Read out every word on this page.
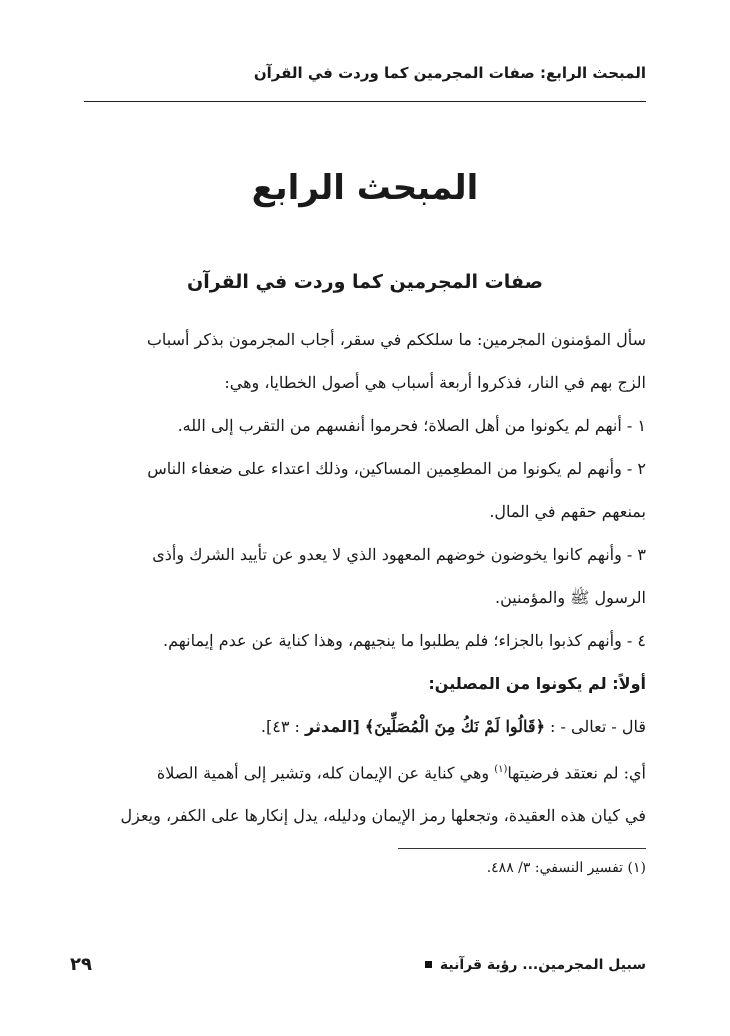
المبحث الرابع: صفات المجرمين كما وردت في القرآن
المبحث الرابع
صفات المجرمين كما وردت في القرآن

سأل المؤمنون المجرمين: ما سلككم في سقر، أجاب المجرمون بذكر أسباب

الزج بهم في النار، فذكروا أربعة أسباب هي أصول الخطايا، وهي:

١ - أنهم لم يكونوا من أهل الصلاة؛ فحرموا أنفسهم من التقرب إلى الله.

٢ - وأنهم لم يكونوا من المطعِمين المساكين، وذلك اعتداء على ضعفاء الناس

بمنعهم حقهم في المال.

٣ - وأنهم كانوا يخوضون خوضهم المعهود الذي لا يعدو عن تأييد الشرك وأذى

الرسول ﷺ والمؤمنين.

٤ - وأنهم كذبوا بالجزاء؛ فلم يطلبوا ما ينجيهم، وهذا كناية عن عدم إيمانهم.

أولاً: لم يكونوا من المصلين:

قال - تعالى - : ﴿قَالُوا لَمْ نَكُ مِنَ الْمُصَلِّينَ﴾ [المدثر : ٤٣].

أي: لم نعتقد فرضيتها$^{(١)}$ وهي كناية عن الإيمان كله، وتشير إلى أهمية الصلاة

في كيان هذه العقيدة، وتجعلها رمز الإيمان ودليله، يدل إنكارها على الكفر، ويعزل

(١) تفسير النسفي: ٣/ ٤٨٨.
٢٩	سبيل المجرمين... رؤية قرآنية
